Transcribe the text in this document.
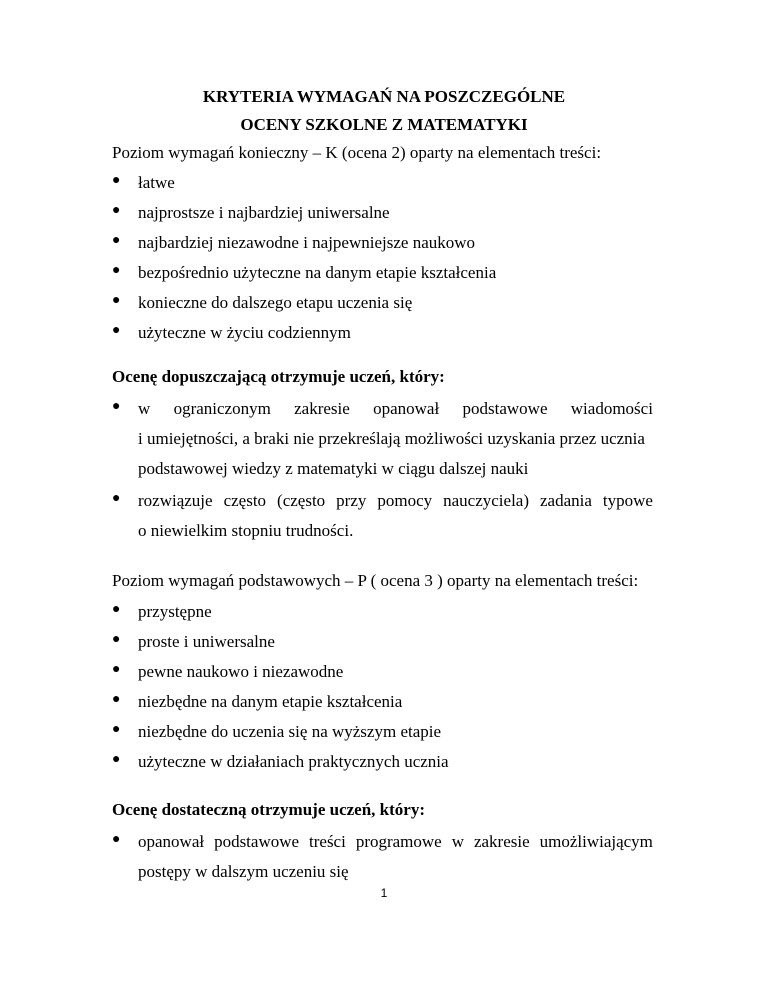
KRYTERIA WYMAGAŃ NA POSZCZEGÓLNE
OCENY SZKOLNE Z MATEMATYKI
Poziom wymagań konieczny – K (ocena 2) oparty na elementach treści:
● łatwe
● najprostsze i najbardziej uniwersalne
● najbardziej niezawodne i najpewniejsze naukowo
● bezpośrednio użyteczne na danym etapie kształcenia
● konieczne do dalszego etapu uczenia się
● użyteczne w życiu codziennym
Ocenę dopuszczającą otrzymuje uczeń, który:
● w ograniczonym zakresie opanował podstawowe wiadomości
i umiejętności, a braki nie przekreślają możliwości uzyskania przez ucznia
podstawowej wiedzy z matematyki w ciągu dalszej nauki
● rozwiązuje często (często przy pomocy nauczyciela) zadania typowe
o niewielkim stopniu trudności.
Poziom wymagań podstawowych – P ( ocena 3 ) oparty na elementach treści:
● przystępne
● proste i uniwersalne
● pewne naukowo i niezawodne
● niezbędne na danym etapie kształcenia
● niezbędne do uczenia się na wyższym etapie
● użyteczne w działaniach praktycznych ucznia
Ocenę dostateczną otrzymuje uczeń, który:
● opanował podstawowe treści programowe w zakresie umożliwiającym
postępy w dalszym uczeniu się
1
